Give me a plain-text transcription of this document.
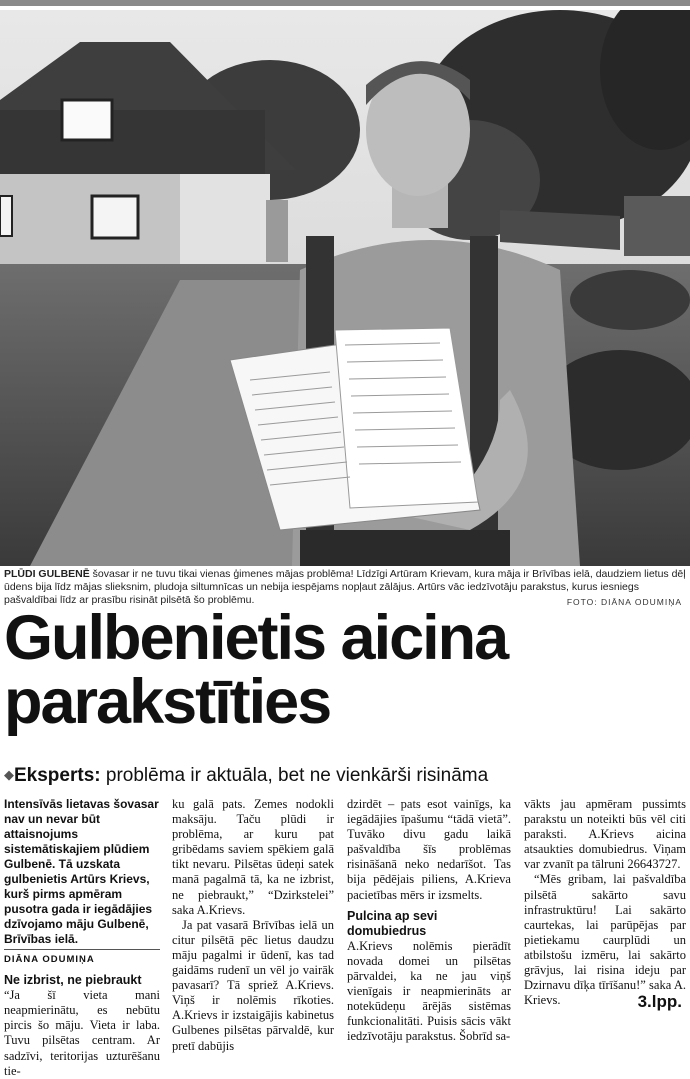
PLŪDI GULBENĒ šovasar ir ne tuvu tikai vienas ģimenes mājas problēma! Līdzīgi Artūram Krievam, kura māja ir Brīvības ielā, daudziem lietus dēļ ūdens bija līdz mājas slieksnim, pludoja siltumnīcas un nebija iespējams nopļaut zālājus. Artūrs vāc iedzīvotāju parakstus, kurus iesniegs pašvaldībai līdz ar prasību risināt pilsētā šo problēmu.	FOTO: DIĀNA ODUMIŅA
Gulbenietis aicina
parakstīties
◆Eksperts: problēma ir aktuāla, bet ne vienkārši risināma

Intensīvās lietavas šovasar nav un nevar būt attaisnojums sistemātiskajiem plūdiem Gulbenē. Tā uzskata gulbenietis Artūrs Krievs, kurš pirms apmēram pusotra gada ir iegādājies dzīvojamo māju Gulbenē, Brīvības ielā.

DIĀNA ODUMIŅA
Ne izbrist, ne piebraukt

“Ja šī vieta mani neapmierinātu, es nebūtu pircis šo māju. Vieta ir laba. Tuvu pilsētas centram. Ar sadzīvi, teritorijas uzturēšanu tie-

ku galā pats. Zemes nodokli maksāju. Taču plūdi ir problēma, ar kuru pat gribēdams saviem spēkiem galā tikt nevaru. Pilsētas ūdeņi satek manā pagalmā tā, ka ne izbrist, ne piebraukt,” “Dzirkstelei” saka A.Krievs.

Ja pat vasarā Brīvības ielā un citur pilsētā pēc lietus daudzu māju pagalmi ir ūdenī, kas tad gaidāms rudenī un vēl jo vairāk pavasarī? Tā spriež A.Krievs. Viņš ir nolēmis rīkoties. A.Krievs ir izstaigājis kabinetus Gulbenes pilsētas pārvaldē, kur pretī dabūjis

dzirdēt – pats esot vainīgs, ka iegādājies īpašumu “tādā vietā”. Tuvāko divu gadu laikā pašvaldība šīs problēmas risināšanā neko nedarīšot. Tas bija pēdējais piliens, A.Krieva pacietības mērs ir izsmelts.

Pulcina ap sevi domubiedrus

A.Krievs nolēmis pierādīt novada domei un pilsētas pārvaldei, ka ne jau viņš vienīgais ir neapmierināts ar notekūdeņu ārējās sistēmas funkcionalitāti. Puisis sācis vākt iedzīvotāju parakstus. Šobrīd sa-

vākts jau apmēram pussimts parakstu un noteikti būs vēl citi paraksti. A.Krievs aicina atsaukties domubiedrus. Viņam var zvanīt pa tālruni 26643727.

“Mēs gribam, lai pašvaldība pilsētā sakārto savu infrastruktūru! Lai sakārto caurtekas, lai parūpējas par pietiekamu caurplūdi un atbilstošu izmēru, lai sakārto grāvjus, lai risina ideju par Dzirnavu dīķa tīrīšanu!” saka A. Krievs.	3.lpp.
